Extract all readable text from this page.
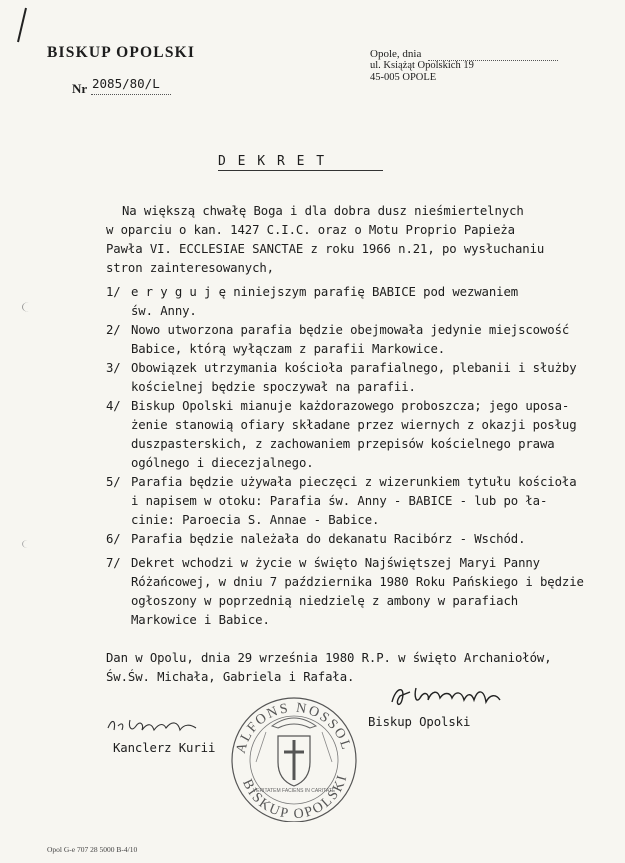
BISKUP OPOLSKI
Nr 2085/80/L
Opole, dnia
ul. Książąt Opolskich 19
45-005 OPOLE
D E K R E T
Na większą chwałę Boga i dla dobra dusz nieśmiertelnych
w oparciu o kan. 1427 C.I.C. oraz o Motu Proprio Papieża
Pawła VI. ECCLESIAE SANCTAE z roku 1966 n.21, po wysłuchaniu
stron zainteresowanych,
1/ e r y g u j ę niniejszym parafię BABICE pod wezwaniem
św. Anny.
2/ Nowo utworzona parafia będzie obejmowała jedynie miejscowość
Babice, którą wyłączam z parafii Markowice.
3/ Obowiązek utrzymania kościoła parafialnego, plebanii i służby
kościelnej będzie spoczywał na parafii.
4/ Biskup Opolski mianuje każdorazowego proboszcza; jego uposa-
żenie stanowią ofiary składane przez wiernych z okazji posług
duszpasterskich, z zachowaniem przepisów kościelnego prawa
ogólnego i diecezjalnego.
5/ Parafia będzie używała pieczęci z wizerunkiem tytułu kościoła
i napisem w otoku: Parafia św. Anny - BABICE - lub po ła-
cinie: Paroecia S. Annae - Babice.
6/ Parafia będzie należała do dekanatu Racibórz - Wschód.
7/ Dekret wchodzi w życie w święto Najświętszej Maryi Panny
Różańcowej, w dniu 7 października 1980 Roku Pańskiego i będzie
ogłoszony w poprzednią niedzielę z ambony w parafiach
Markowice i Babice.
Dan w Opolu, dnia 29 września 1980 R.P. w święto Archaniołów,
Św.Św. Michała, Gabriela i Rafała.
Biskup Opolski
Kanclerz Kurii ALFONS NOSSOL
BISKUP OPOLSKI
VERITATEM FACIENS IN CARITATE
Opol G-e 707 28 5000 B-4/10
